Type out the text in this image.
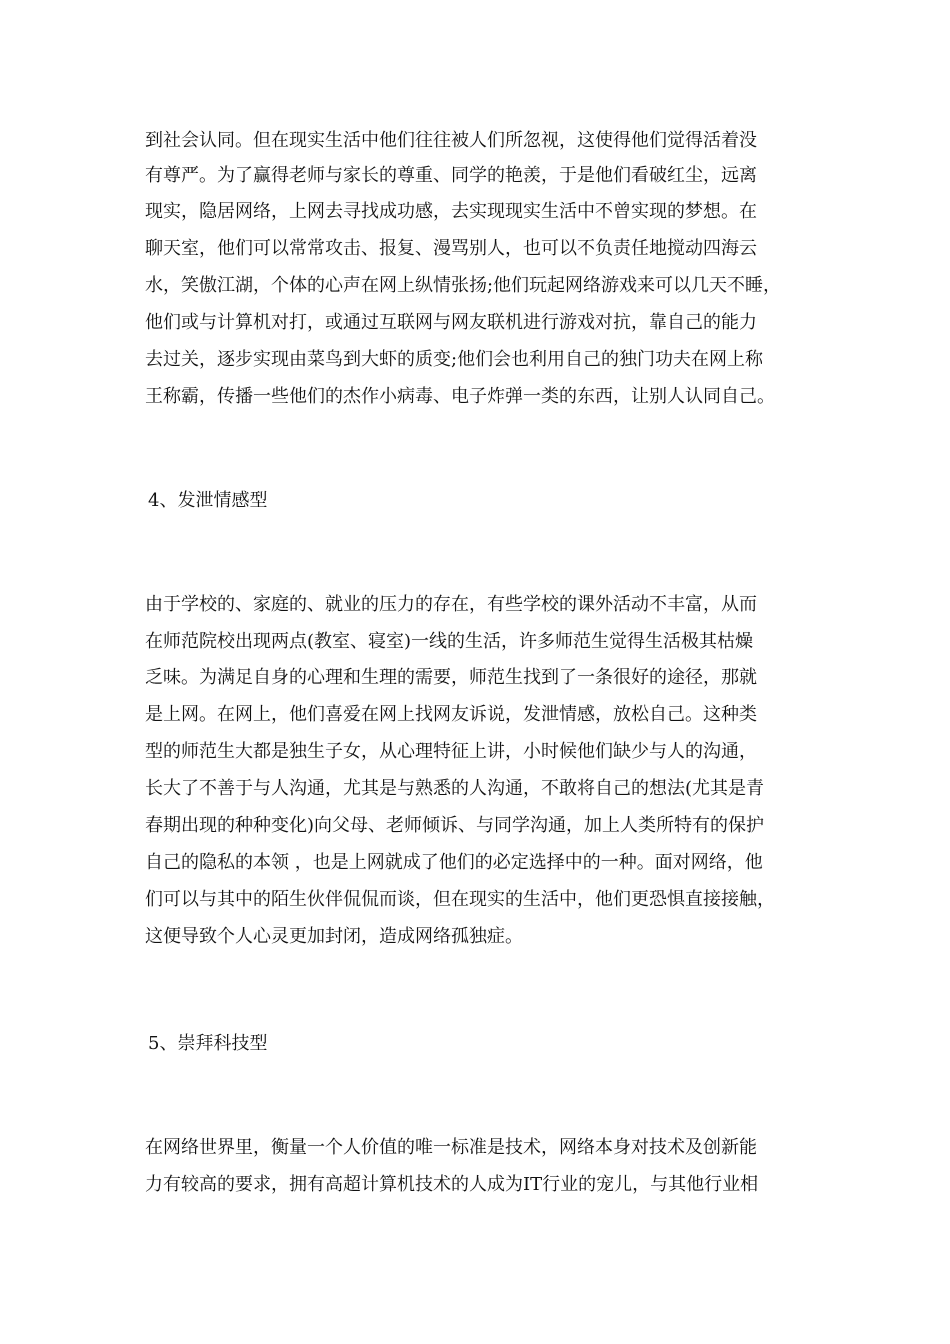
到社会认同。但在现实生活中他们往往被人们所忽视，这使得他们觉得活着没
有尊严。为了赢得老师与家长的尊重、同学的艳羡，于是他们看破红尘，远离
现实，隐居网络，上网去寻找成功感，去实现现实生活中不曾实现的梦想。在
聊天室，他们可以常常攻击、报复、漫骂别人，也可以不负责任地搅动四海云
水，笑傲江湖，个体的心声在网上纵情张扬;他们玩起网络游戏来可以几天不睡，
他们或与计算机对打，或通过互联网与网友联机进行游戏对抗，靠自己的能力
去过关，逐步实现由菜鸟到大虾的质变;他们会也利用自己的独门功夫在网上称
王称霸，传播一些他们的杰作小病毒、电子炸弹一类的东西，让别人认同自己。
4、发泄情感型
由于学校的、家庭的、就业的压力的存在，有些学校的课外活动不丰富，从而
在师范院校出现两点(教室、寝室)一线的生活，许多师范生觉得生活极其枯燥
乏味。为满足自身的心理和生理的需要，师范生找到了一条很好的途径，那就
是上网。在网上，他们喜爱在网上找网友诉说，发泄情感，放松自己。这种类
型的师范生大都是独生子女，从心理特征上讲，小时候他们缺少与人的沟通，
长大了不善于与人沟通，尤其是与熟悉的人沟通，不敢将自己的想法(尤其是青
春期出现的种种变化)向父母、老师倾诉、与同学沟通，加上人类所特有的保护
自己的隐私的本领 ，也是上网就成了他们的必定选择中的一种。面对网络，他
们可以与其中的陌生伙伴侃侃而谈，但在现实的生活中，他们更恐惧直接接触，
这便导致个人心灵更加封闭，造成网络孤独症。
5、崇拜科技型
在网络世界里，衡量一个人价值的唯一标准是技术，网络本身对技术及创新能
力有较高的要求，拥有高超计算机技术的人成为IT行业的宠儿，与其他行业相
